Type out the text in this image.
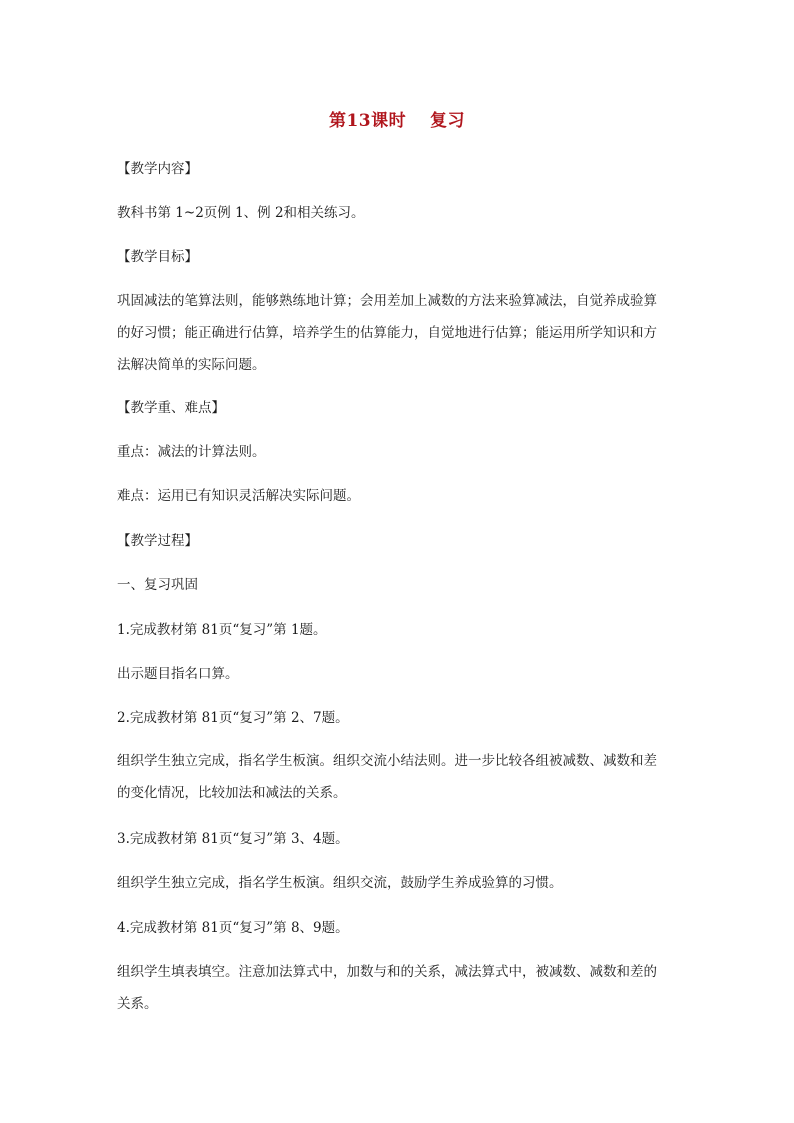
第13课时　 复习
【教学内容】
教科书第 1~2页例 1、例 2和相关练习。
【教学目标】
巩固减法的笔算法则，能够熟练地计算；会用差加上减数的方法来验算减法，自觉养成验算
的好习惯；能正确进行估算，培养学生的估算能力，自觉地进行估算；能运用所学知识和方
法解决简单的实际问题。
【教学重、难点】
重点：减法的计算法则。
难点：运用已有知识灵活解决实际问题。
【教学过程】
一、复习巩固
1.完成教材第 81页“复习”第 1题。
出示题目指名口算。
2.完成教材第 81页“复习”第 2、7题。
组织学生独立完成，指名学生板演。组织交流小结法则。进一步比较各组被减数、减数和差
的变化情况，比较加法和减法的关系。
3.完成教材第 81页“复习”第 3、4题。
组织学生独立完成，指名学生板演。组织交流，鼓励学生养成验算的习惯。
4.完成教材第 81页“复习”第 8、9题。
组织学生填表填空。注意加法算式中，加数与和的关系，减法算式中，被减数、减数和差的
关系。
